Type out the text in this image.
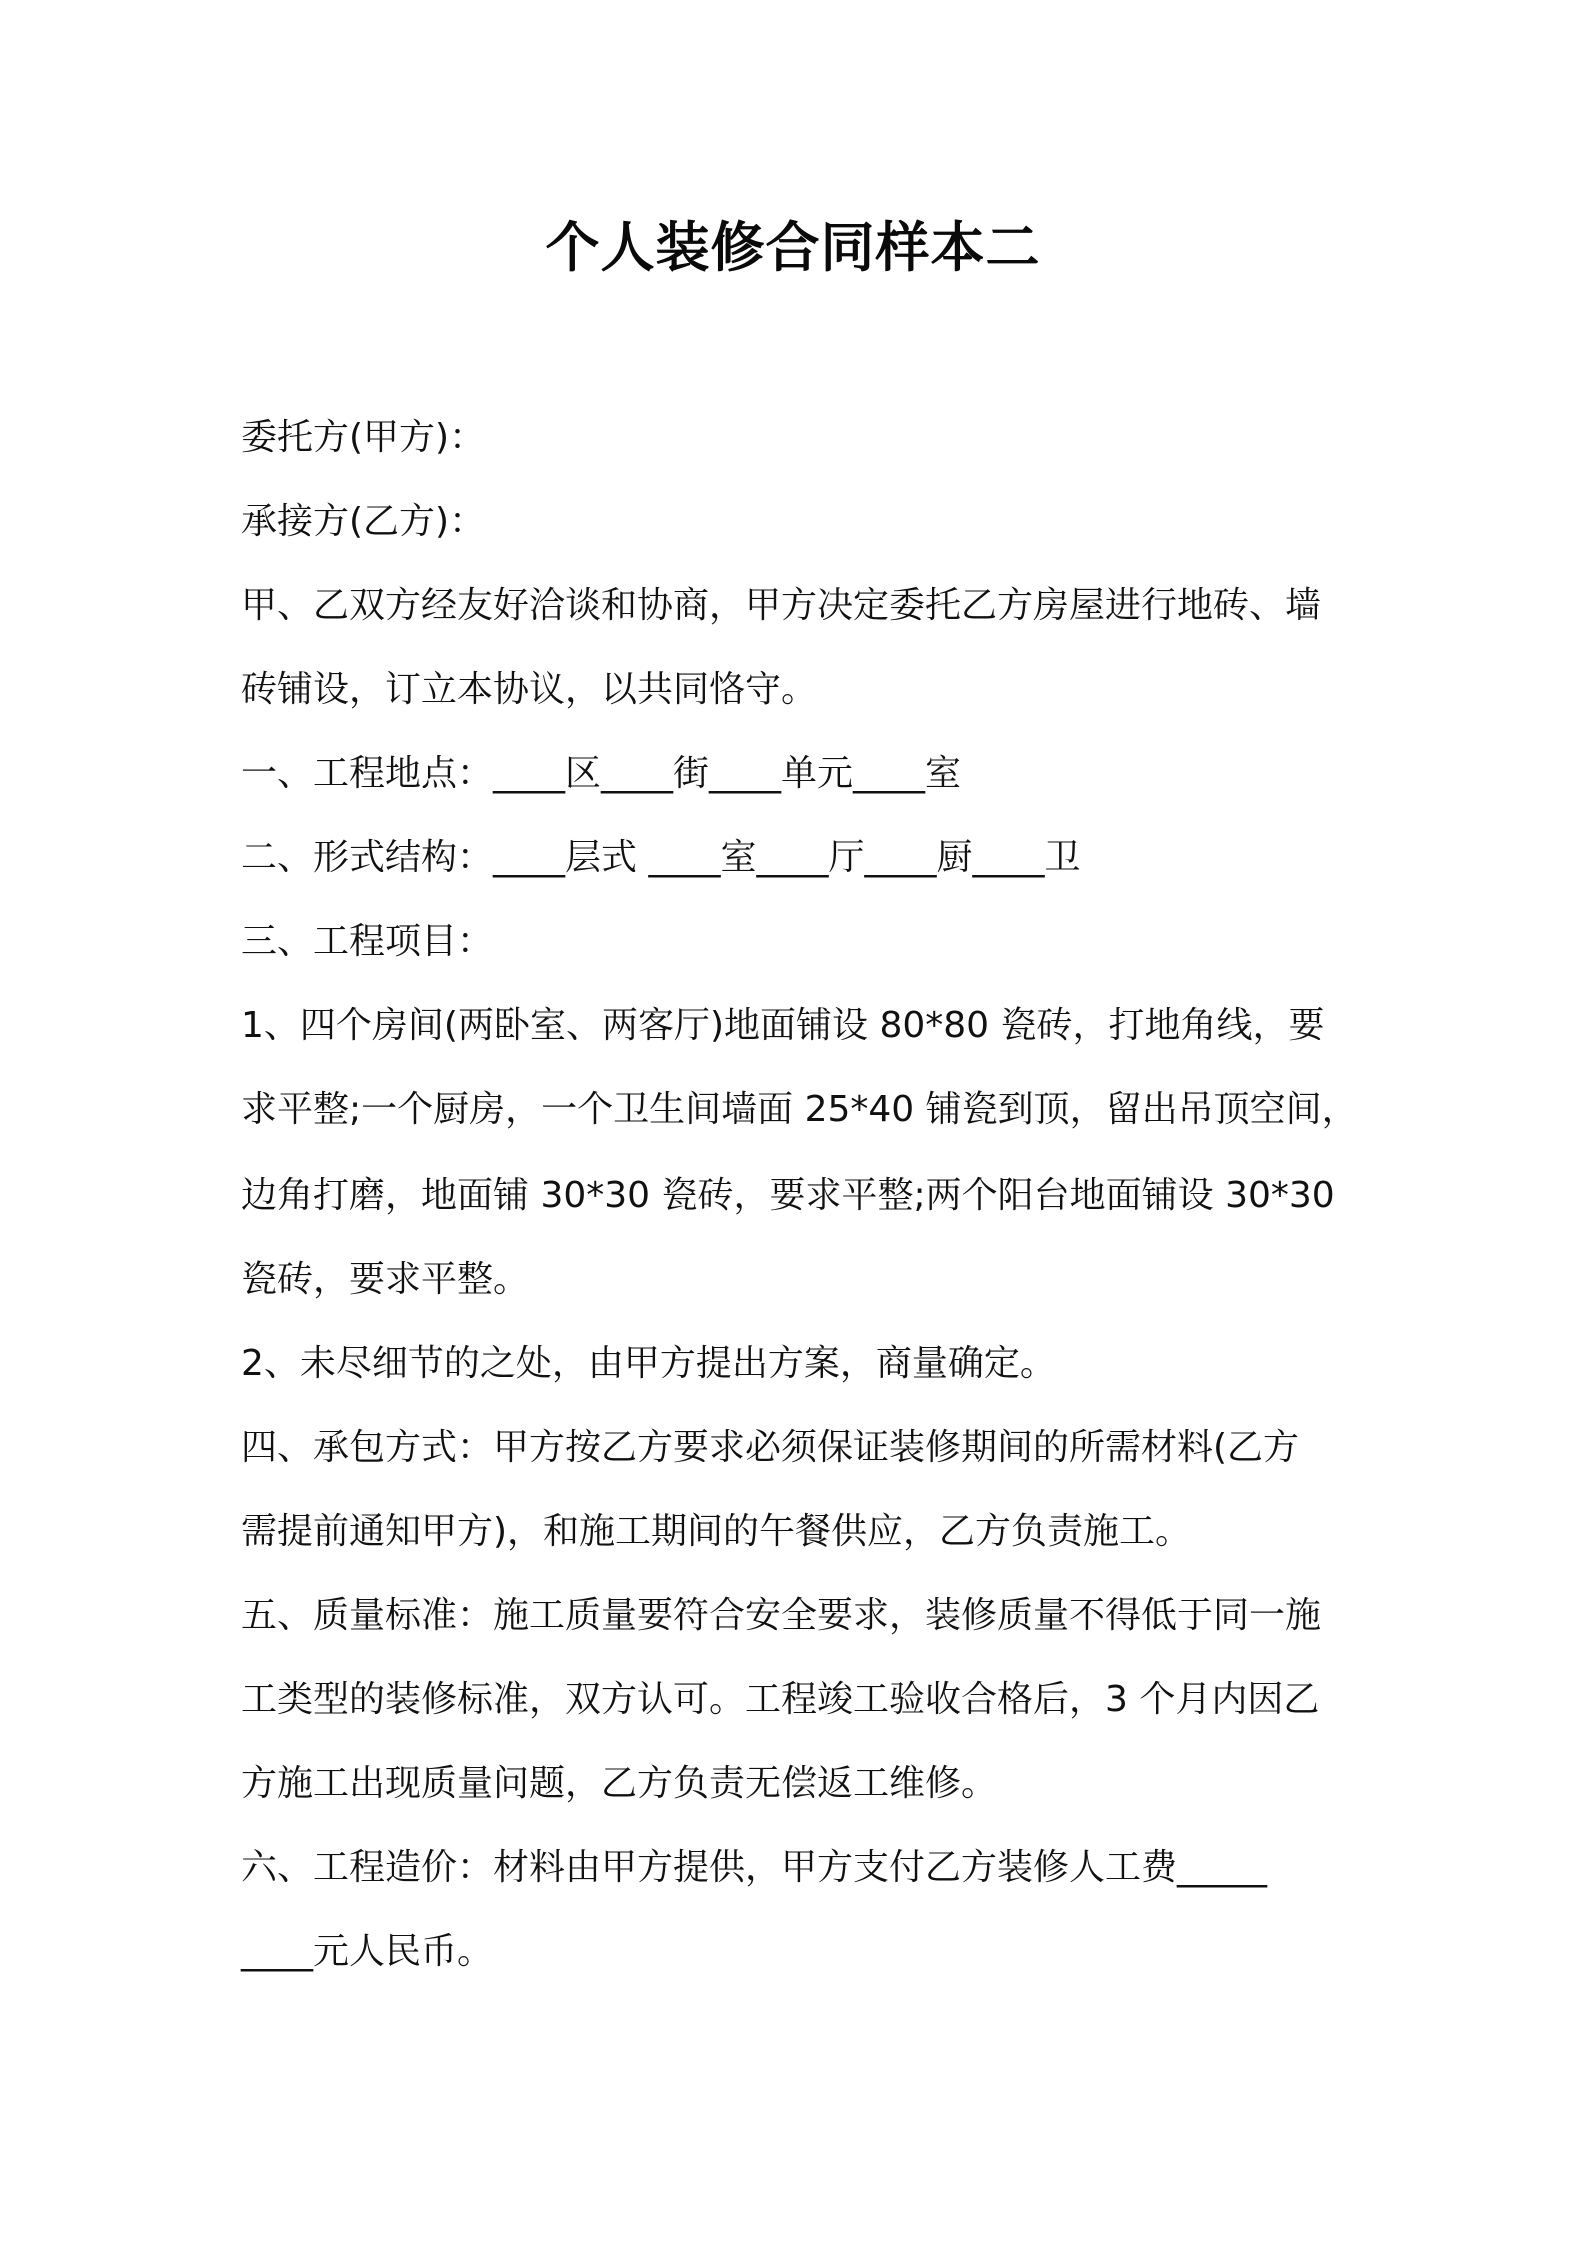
个人装修合同样本二
委托方(甲方)：
承接方(乙方)：
甲、乙双方经友好洽谈和协商，甲方决定委托乙方房屋进行地砖、墙
砖铺设，订立本协议，以共同恪守。
一、工程地点：____区____街____单元____室
二、形式结构：____层式 ____室____厅____厨____卫
三、工程项目：
1、四个房间(两卧室、两客厅)地面铺设 80*80 瓷砖，打地角线，要
求平整;一个厨房，一个卫生间墙面 25*40 铺瓷到顶，留出吊顶空间，
边角打磨，地面铺 30*30 瓷砖，要求平整;两个阳台地面铺设 30*30
瓷砖，要求平整。
2、未尽细节的之处，由甲方提出方案，商量确定。
四、承包方式：甲方按乙方要求必须保证装修期间的所需材料(乙方
需提前通知甲方)，和施工期间的午餐供应，乙方负责施工。
五、质量标准：施工质量要符合安全要求，装修质量不得低于同一施
工类型的装修标准，双方认可。工程竣工验收合格后，3 个月内因乙
方施工出现质量问题，乙方负责无偿返工维修。
六、工程造价：材料由甲方提供，甲方支付乙方装修人工费_____
____元人民币。
